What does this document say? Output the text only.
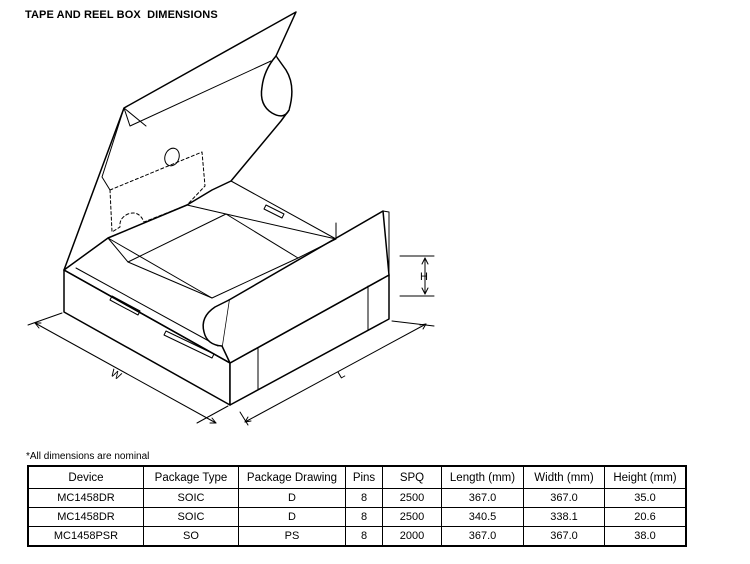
TAPE AND REEL BOX  DIMENSIONS
H
W	L
*All dimensions are nominal
Device	Package Type	Package Drawing	Pins	SPQ	Length (mm)	Width (mm)	Height (mm)
MC1458DR	SOIC	D	8	2500	367.0	367.0	35.0
MC1458DR	SOIC	D	8	2500	340.5	338.1	20.6
MC1458PSR	SO	PS	8	2000	367.0	367.0	38.0
